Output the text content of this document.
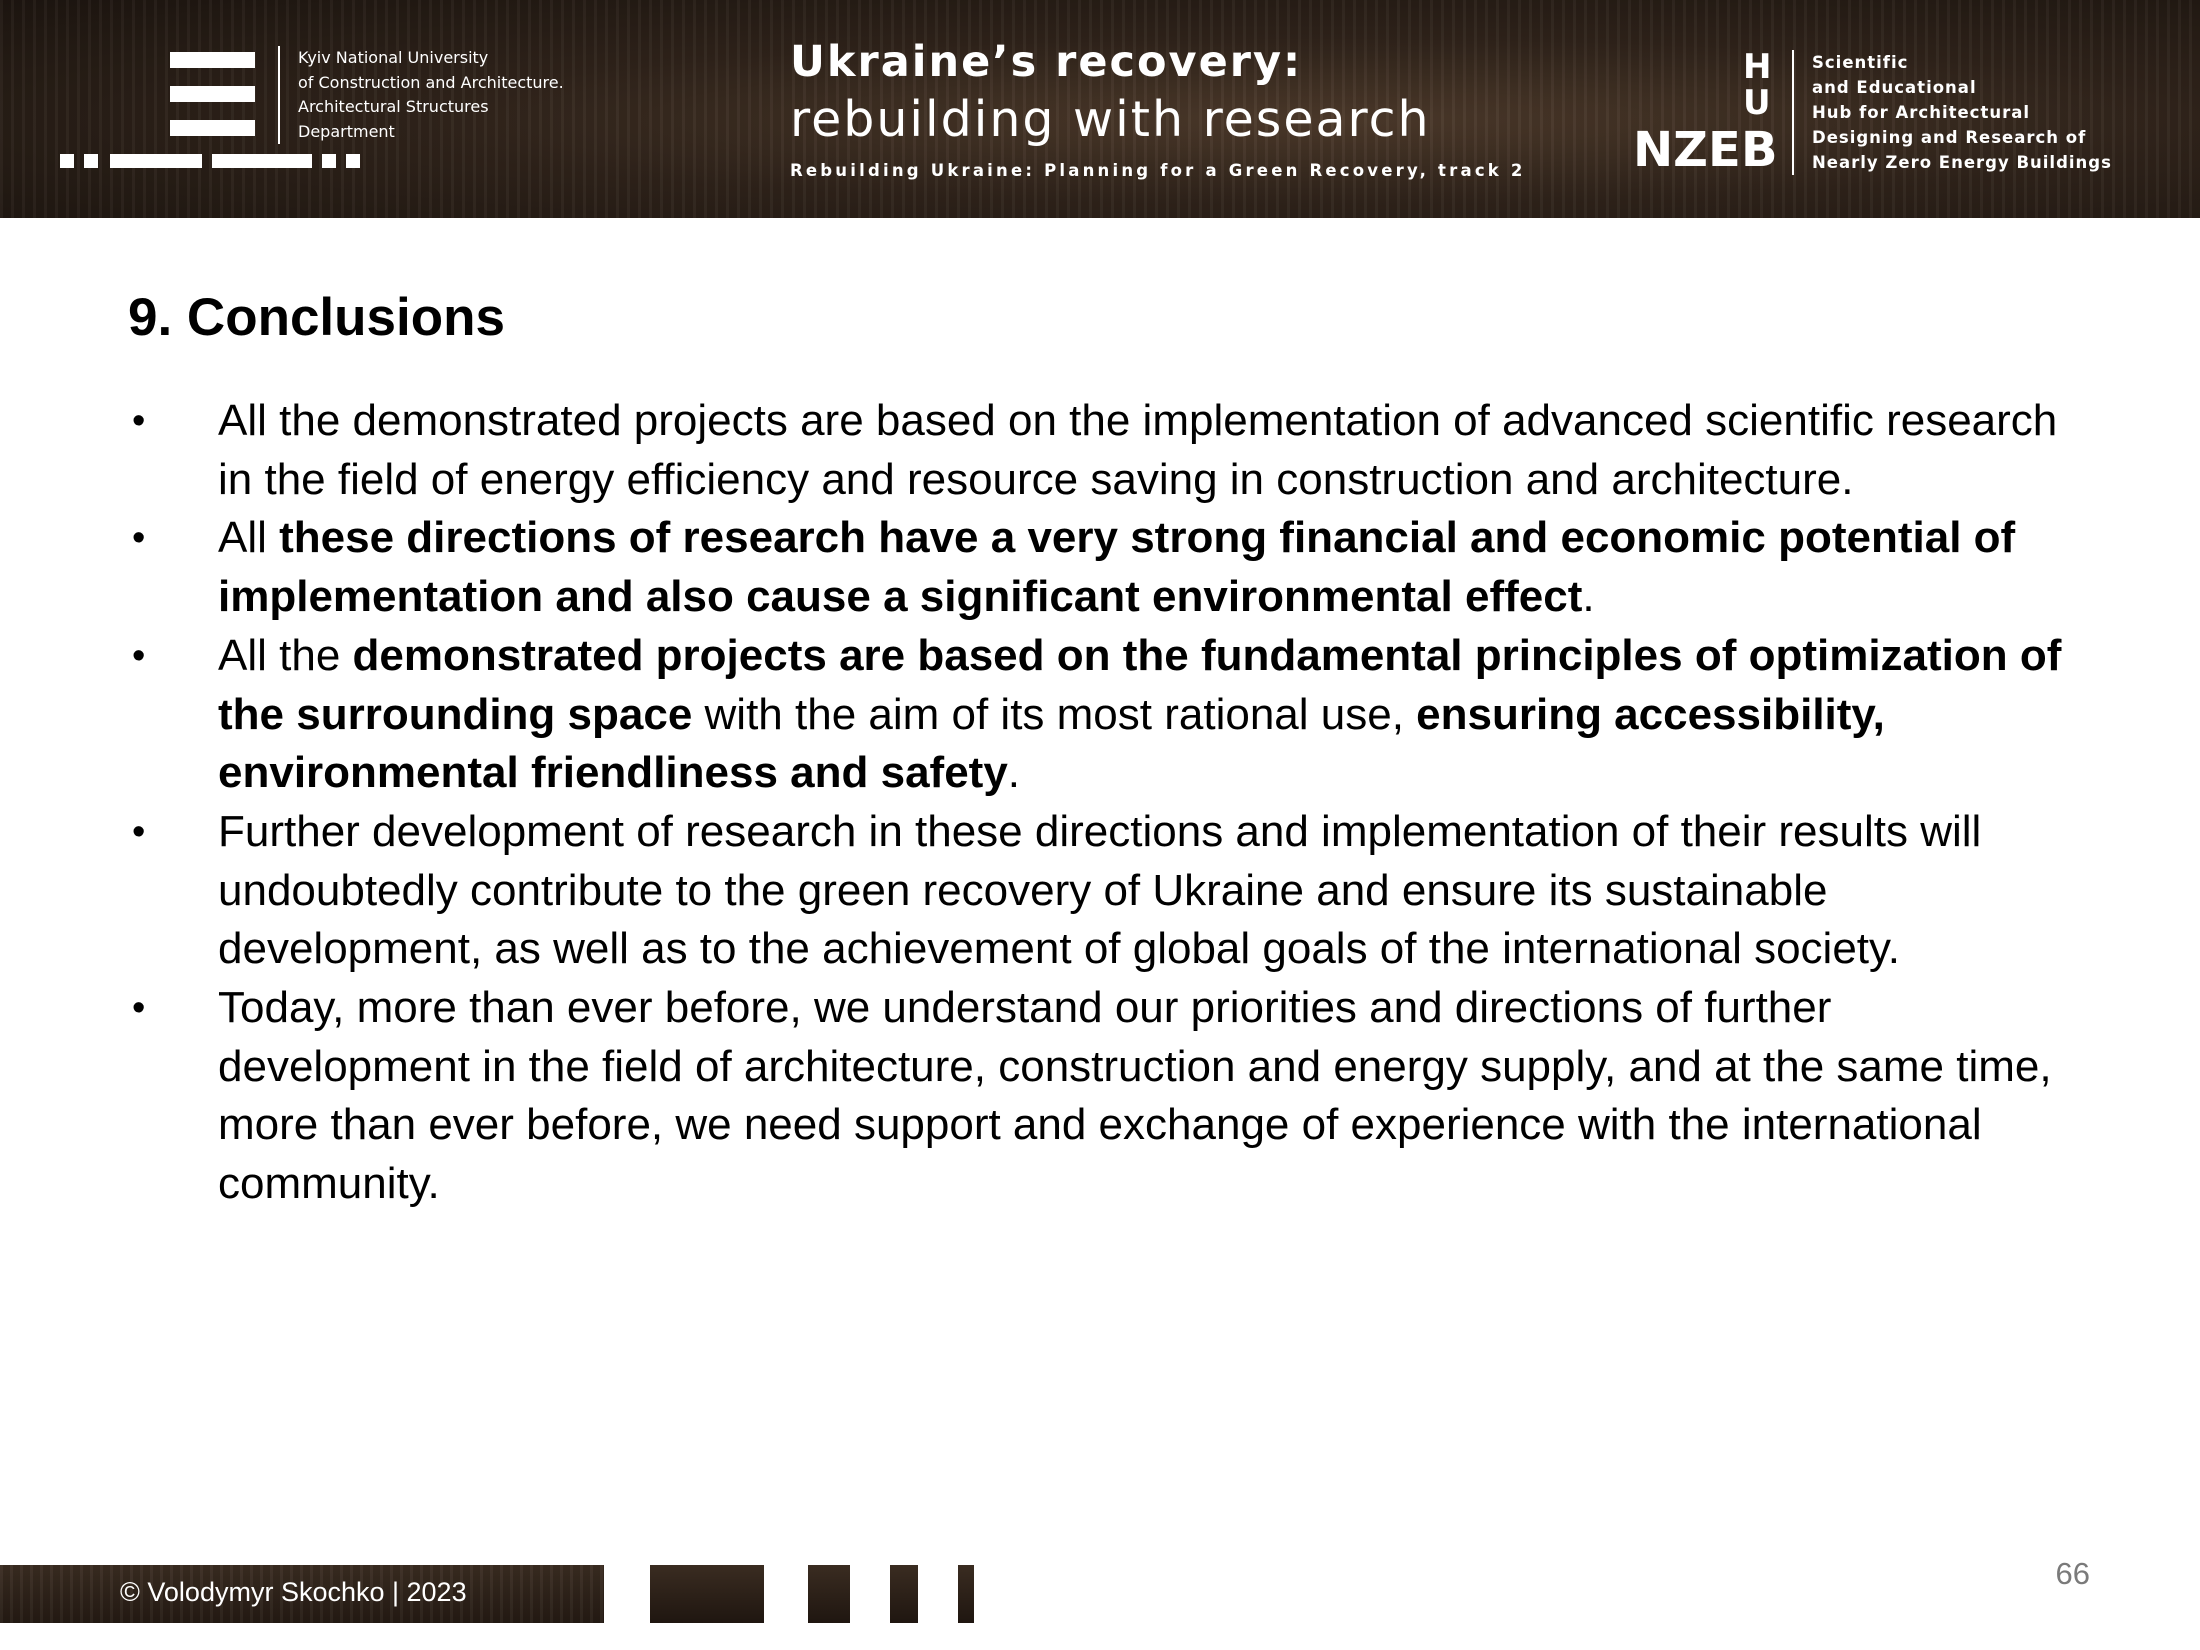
Kyiv National University
of Construction and Architecture.
Architectural Structures
Department
Ukraine’s recovery:
rebuilding with research
Rebuilding Ukraine: Planning for a Green Recovery, track 2
H
U
NZE B
Scientific
and Educational
Hub for Architectural
Designing and Research of
Nearly Zero Energy Buildings
9. Conclusions
• All the demonstrated projects are based on the implementation of advanced scientific research in the field of energy efficiency and resource saving in construction and architecture.
• All these directions of research have a very strong financial and economic potential of implementation and also cause a significant environmental effect.
• All the demonstrated projects are based on the fundamental principles of optimization of the surrounding space with the aim of its most rational use, ensuring accessibility, environmental friendliness and safety.
• Further development of research in these directions and implementation of their results will undoubtedly contribute to the green recovery of Ukraine and ensure its sustainable development, as well as to the achievement of global goals of the international society.
• Today, more than ever before, we understand our priorities and directions of further development in the field of architecture, construction and energy supply, and at the same time, more than ever before, we need support and exchange of experience with the international community.
© Volodymyr Skochko | 2023
66
